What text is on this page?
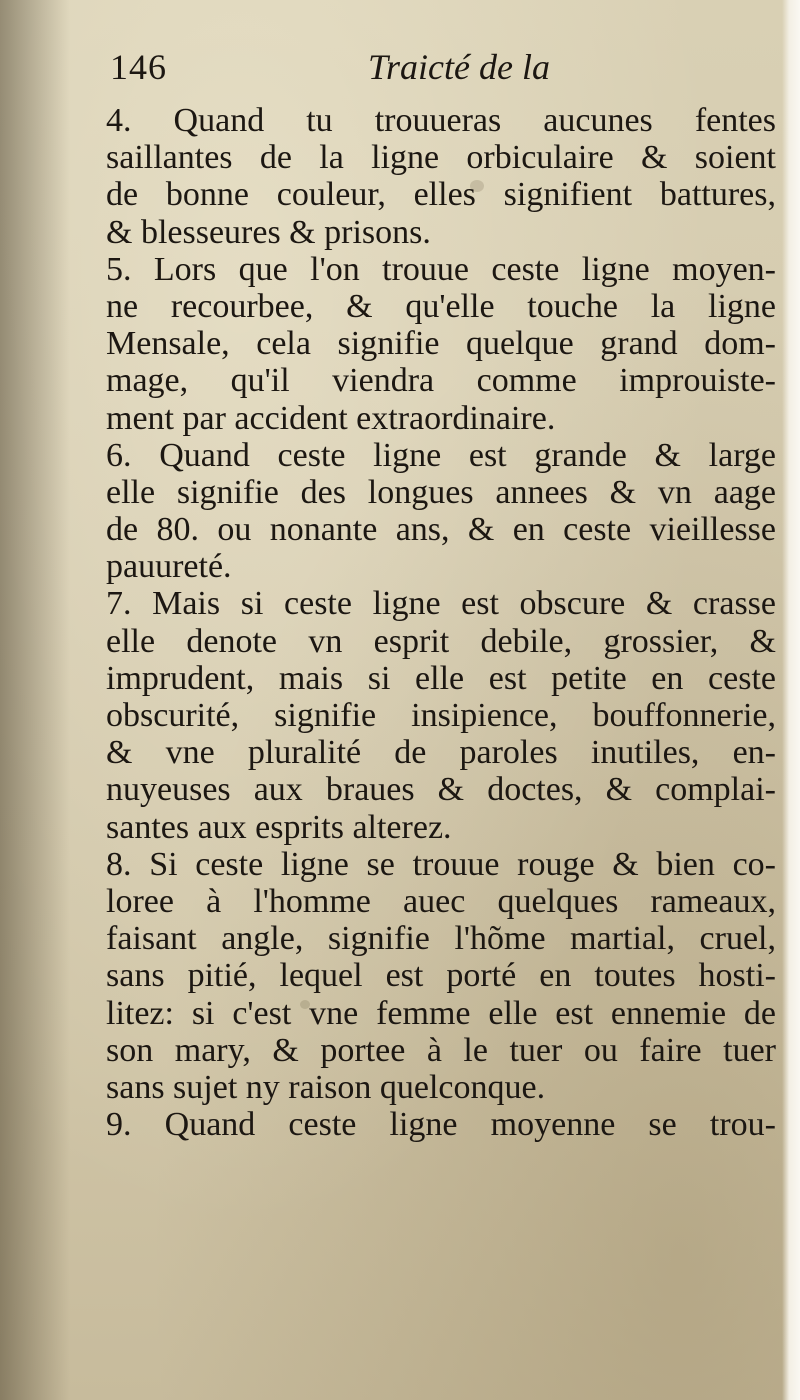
146	Traicté de la
4. Quand tu trouueras aucunes fentes
saillantes de la ligne orbiculaire & soient
de bonne couleur, elles signifient battures,
& blesseures & prisons.
5. Lors que l'on trouue ceste ligne moyen-
ne recourbee, & qu'elle touche la ligne
Mensale, cela signifie quelque grand dom-
mage, qu'il viendra comme improuiste-
ment par accident extraordinaire.
6. Quand ceste ligne est grande & large
elle signifie des longues annees & vn aage
de 80. ou nonante ans, & en ceste vieillesse
pauureté.
7. Mais si ceste ligne est obscure & crasse
elle denote vn esprit debile, grossier, &
imprudent, mais si elle est petite en ceste
obscurité, signifie insipience, bouffonnerie,
& vne pluralité de paroles inutiles, en-
nuyeuses aux braues & doctes, & complai-
santes aux esprits alterez.
8. Si ceste ligne se trouue rouge & bien co-
loree à l'homme auec quelques rameaux,
faisant angle, signifie l'hõme martial, cruel,
sans pitié, lequel est porté en toutes hosti-
litez: si c'est vne femme elle est ennemie de
son mary, & portee à le tuer ou faire tuer
sans sujet ny raison quelconque.
9. Quand ceste ligne moyenne se trou-
